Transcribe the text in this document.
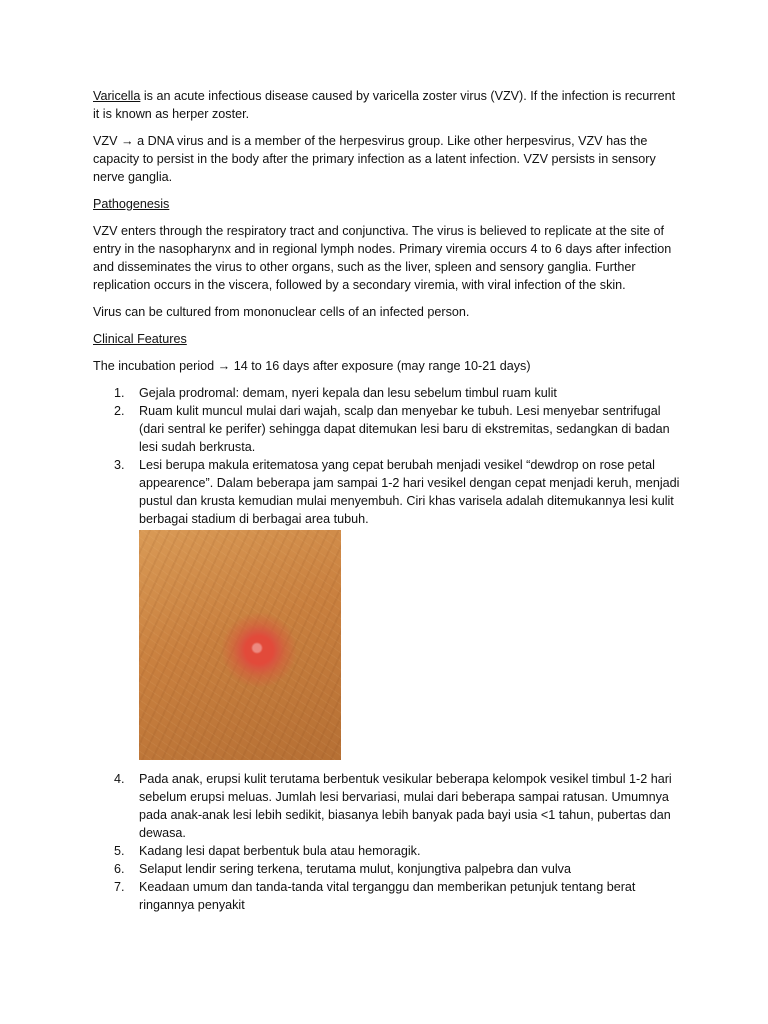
Varicella is an acute infectious disease caused by varicella zoster virus (VZV). If the infection is recurrent it is known as herper zoster.

VZV → a DNA virus and is a member of the herpesvirus group. Like other herpesvirus, VZV has the capacity to persist in the body after the primary infection as a latent infection. VZV persists in sensory nerve ganglia.

Pathogenesis

VZV enters through the respiratory tract and conjunctiva. The virus is believed to replicate at the site of entry in the nasopharynx and in regional lymph nodes. Primary viremia occurs 4 to 6 days after infection and disseminates the virus to other organs, such as the liver, spleen and sensory ganglia. Further replication occurs in the viscera, followed by a secondary viremia, with viral infection of the skin.

Virus can be cultured from mononuclear cells of an infected person.

Clinical Features

The incubation period → 14 to 16 days after exposure (may range 10-21 days)

1. Gejala prodromal: demam, nyeri kepala dan lesu sebelum timbul ruam kulit
2. Ruam kulit muncul mulai dari wajah, scalp dan menyebar ke tubuh. Lesi menyebar sentrifugal (dari sentral ke perifer) sehingga dapat ditemukan lesi baru di ekstremitas, sedangkan di badan lesi sudah berkrusta.
3. Lesi berupa makula eritematosa yang cepat berubah menjadi vesikel “dewdrop on rose petal appearence”. Dalam beberapa jam sampai 1-2 hari vesikel dengan cepat menjadi keruh, menjadi pustul dan krusta kemudian mulai menyembuh. Ciri khas varisela adalah ditemukannya lesi kulit berbagai stadium di berbagai area tubuh.
4. Pada anak, erupsi kulit terutama berbentuk vesikular beberapa kelompok vesikel timbul 1-2 hari sebelum erupsi meluas. Jumlah lesi bervariasi, mulai dari beberapa sampai ratusan. Umumnya pada anak-anak lesi lebih sedikit, biasanya lebih banyak pada bayi usia <1 tahun, pubertas dan dewasa.
5. Kadang lesi dapat berbentuk bula atau hemoragik.
6. Selaput lendir sering terkena, terutama mulut, konjungtiva palpebra dan vulva
7. Keadaan umum dan tanda-tanda vital terganggu dan memberikan petunjuk tentang berat ringannya penyakit
